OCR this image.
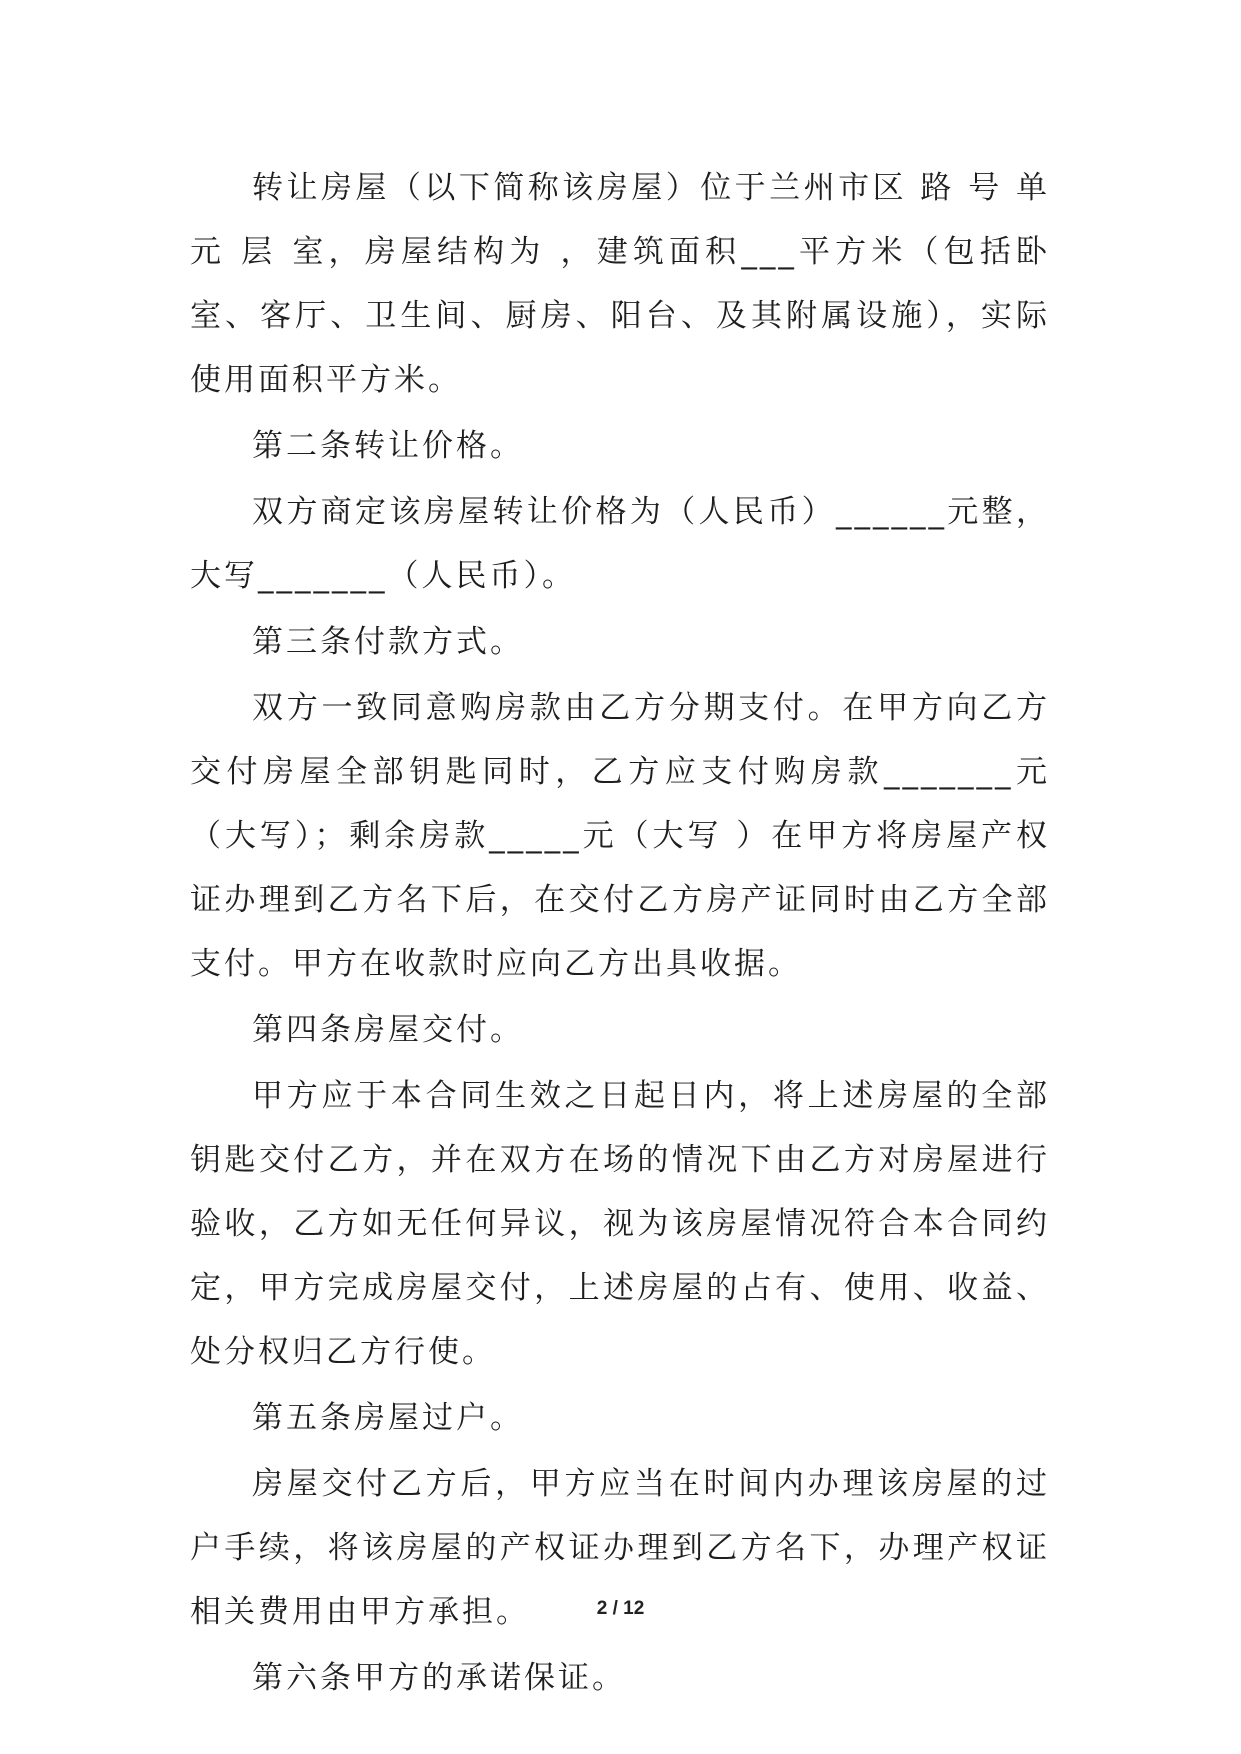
转让房屋（以下简称该房屋）位于兰州市区 路 号 单元 层 室，房屋结构为 ，建筑面积___平方米（包括卧室、客厅、卫生间、厨房、阳台、及其附属设施），实际使用面积平方米。

第二条转让价格。

双方商定该房屋转让价格为（人民币）______元整，大写_______（人民币）。

第三条付款方式。

双方一致同意购房款由乙方分期支付。在甲方向乙方交付房屋全部钥匙同时，乙方应支付购房款_______元（大写）；剩余房款_____元（大写 ）在甲方将房屋产权证办理到乙方名下后，在交付乙方房产证同时由乙方全部支付。甲方在收款时应向乙方出具收据。

第四条房屋交付。

甲方应于本合同生效之日起日内，将上述房屋的全部钥匙交付乙方，并在双方在场的情况下由乙方对房屋进行验收，乙方如无任何异议，视为该房屋情况符合本合同约定，甲方完成房屋交付，上述房屋的占有、使用、收益、处分权归乙方行使。

第五条房屋过户。

房屋交付乙方后，甲方应当在时间内办理该房屋的过户手续，将该房屋的产权证办理到乙方名下，办理产权证相关费用由甲方承担。

第六条甲方的承诺保证。

2 / 12
